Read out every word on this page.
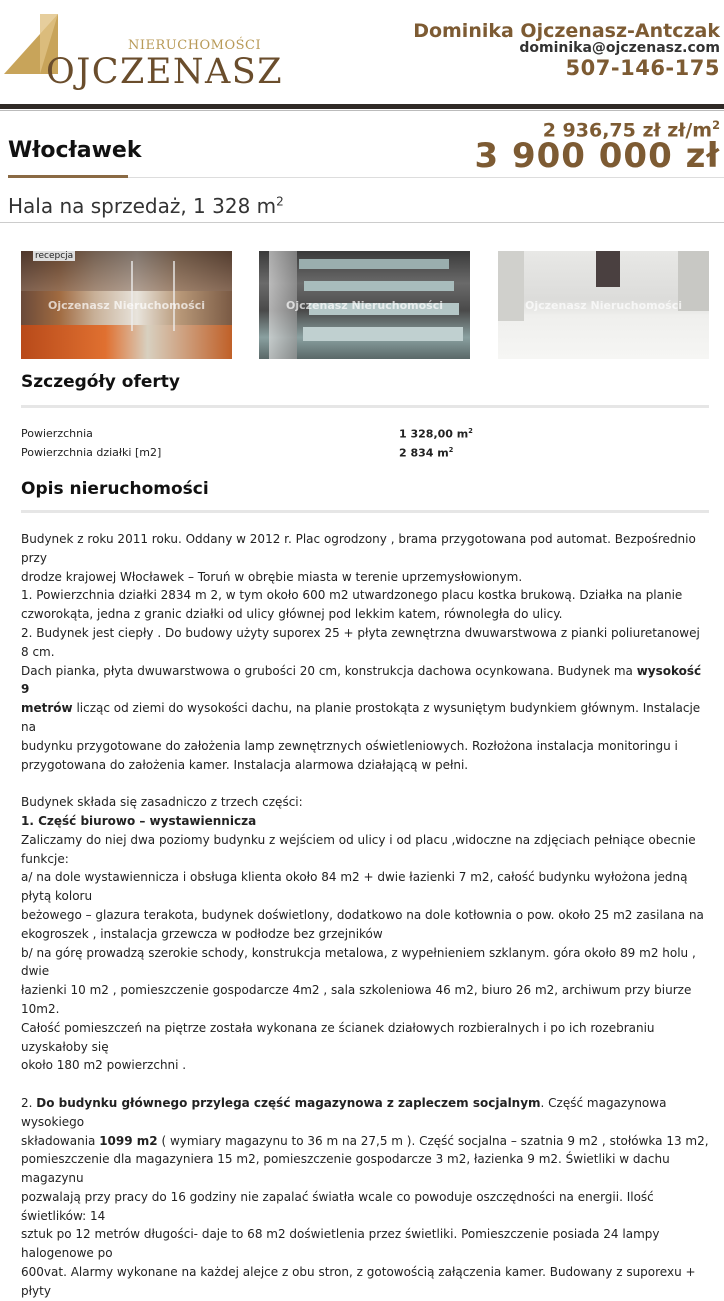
NIERUCHOMOŚCI
OJCZENASZ
Dominika Ojczenasz-Antczak
dominika@ojczenasz.com
507-146-175
Włocławek
2 936,75 zł $zł/m^2$
3 900 000 zł
Hala na sprzedaż, 1 328 $m^2$
recepcja
Ojczenasz Nieruchomości	Ojczenasz Nieruchomości	Ojczenasz Nieruchomości
Szczegóły oferty
Powierzchnia	1 328,00 $m^2$
Powierzchnia działki [m2]	2 834 $m^2$
Opis nieruchomości

Budynek z roku 2011 roku. Oddany w 2012 r. Plac ogrodzony , brama przygotowana pod automat. Bezpośrednio przy

drodze krajowej Włocławek – Toruń w obrębie miasta w terenie uprzemysłowionym.

1. Powierzchnia działki 2834 m 2, w tym około 600 m2 utwardzonego placu kostka brukową. Działka na planie

czworokąta, jedna z granic działki od ulicy głównej pod lekkim katem, równoległa do ulicy.

2. Budynek jest ciepły . Do budowy użyty suporex 25 + płyta zewnętrzna dwuwarstwowa z pianki poliuretanowej 8 cm.

Dach pianka, płyta dwuwarstwowa o grubości 20 cm, konstrukcja dachowa ocynkowana. Budynek ma wysokość 9

metrów licząc od ziemi do wysokości dachu, na planie prostokąta z wysuniętym budynkiem głównym. Instalacje na

budynku przygotowane do założenia lamp zewnętrznych oświetleniowych. Rozłożona instalacja monitoringu i

przygotowana do założenia kamer. Instalacja alarmowa działającą w pełni.

Budynek składa się zasadniczo z trzech części:

1. Część biurowo – wystawiennicza

Zaliczamy do niej dwa poziomy budynku z wejściem od ulicy i od placu ,widoczne na zdjęciach pełniące obecnie funkcje:

a/ na dole wystawiennicza i obsługa klienta około 84 m2 + dwie łazienki 7 m2, całość budynku wyłożona jedną płytą koloru

beżowego – glazura terakota, budynek doświetlony, dodatkowo na dole kotłownia o pow. około 25 m2 zasilana na

ekogroszek , instalacja grzewcza w podłodze bez grzejników

b/ na górę prowadzą szerokie schody, konstrukcja metalowa, z wypełnieniem szklanym. góra około 89 m2 holu , dwie

łazienki 10 m2 , pomieszczenie gospodarcze 4m2 , sala szkoleniowa 46 m2, biuro 26 m2, archiwum przy biurze 10m2.

Całość pomieszczeń na piętrze została wykonana ze ścianek działowych rozbieralnych i po ich rozebraniu uzyskałoby się

około 180 m2 powierzchni .

2. Do budynku głównego przylega część magazynowa z zapleczem socjalnym. Część magazynowa wysokiego

składowania 1099 m2 ( wymiary magazynu to 36 m na 27,5 m ). Część socjalna – szatnia 9 m2 , stołówka 13 m2,

pomieszczenie dla magazyniera 15 m2, pomieszczenie gospodarcze 3 m2, łazienka 9 m2. Świetliki w dachu magazynu

pozwalają przy pracy do 16 godziny nie zapalać światła wcale co powoduje oszczędności na energii. Ilość świetlików: 14

sztuk po 12 metrów długości- daje to 68 m2 doświetlenia przez świetliki. Pomieszczenie posiada 24 lampy halogenowe po

600vat. Alarmy wykonane na każdej alejce z obu stron, z gotowością załączenia kamer. Budowany z suporexu + płyty
